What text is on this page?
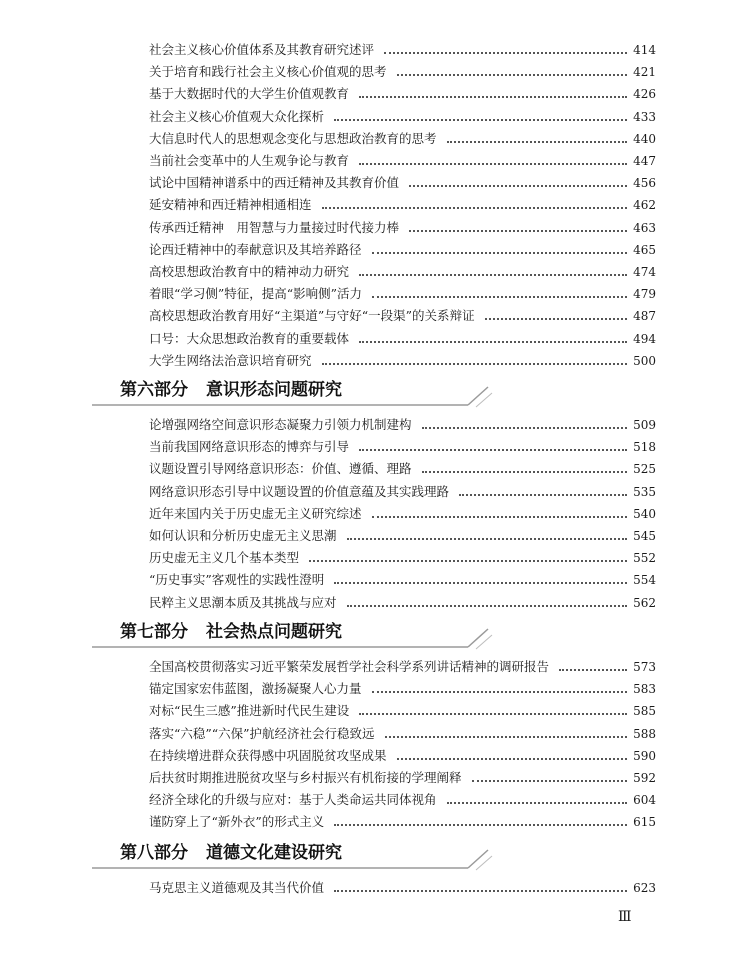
社会主义核心价值体系及其教育研究述评	414
关于培育和践行社会主义核心价值观的思考	421
基于大数据时代的大学生价值观教育	426
社会主义核心价值观大众化探析	433
大信息时代人的思想观念变化与思想政治教育的思考	440
当前社会变革中的人生观争论与教育	447
试论中国精神谱系中的西迁精神及其教育价值	456
延安精神和西迁精神相通相连	462
传承西迁精神　用智慧与力量接过时代接力棒	463
论西迁精神中的奉献意识及其培养路径	465
高校思想政治教育中的精神动力研究	474
着眼“学习侧”特征，提高“影响侧”活力	479
高校思想政治教育用好“主渠道”与守好“一段渠”的关系辩证	487
口号：大众思想政治教育的重要载体	494
大学生网络法治意识培育研究	500
第六部分 意识形态问题研究
论增强网络空间意识形态凝聚力引领力机制建构	509
当前我国网络意识形态的博弈与引导	518
议题设置引导网络意识形态：价值、遵循、理路	525
网络意识形态引导中议题设置的价值意蕴及其实践理路	535
近年来国内关于历史虚无主义研究综述	540
如何认识和分析历史虚无主义思潮	545
历史虚无主义几个基本类型	552
“历史事实”客观性的实践性澄明	554
民粹主义思潮本质及其挑战与应对	562
第七部分 社会热点问题研究
全国高校贯彻落实习近平繁荣发展哲学社会科学系列讲话精神的调研报告	573
锚定国家宏伟蓝图，激扬凝聚人心力量	583
对标“民生三感”推进新时代民生建设	585
落实“六稳”“六保”护航经济社会行稳致远	588
在持续增进群众获得感中巩固脱贫攻坚成果	590
后扶贫时期推进脱贫攻坚与乡村振兴有机衔接的学理阐释	592
经济全球化的升级与应对：基于人类命运共同体视角	604
谨防穿上了“新外衣”的形式主义	615
第八部分 道德文化建设研究
马克思主义道德观及其当代价值	623
Ⅲ
